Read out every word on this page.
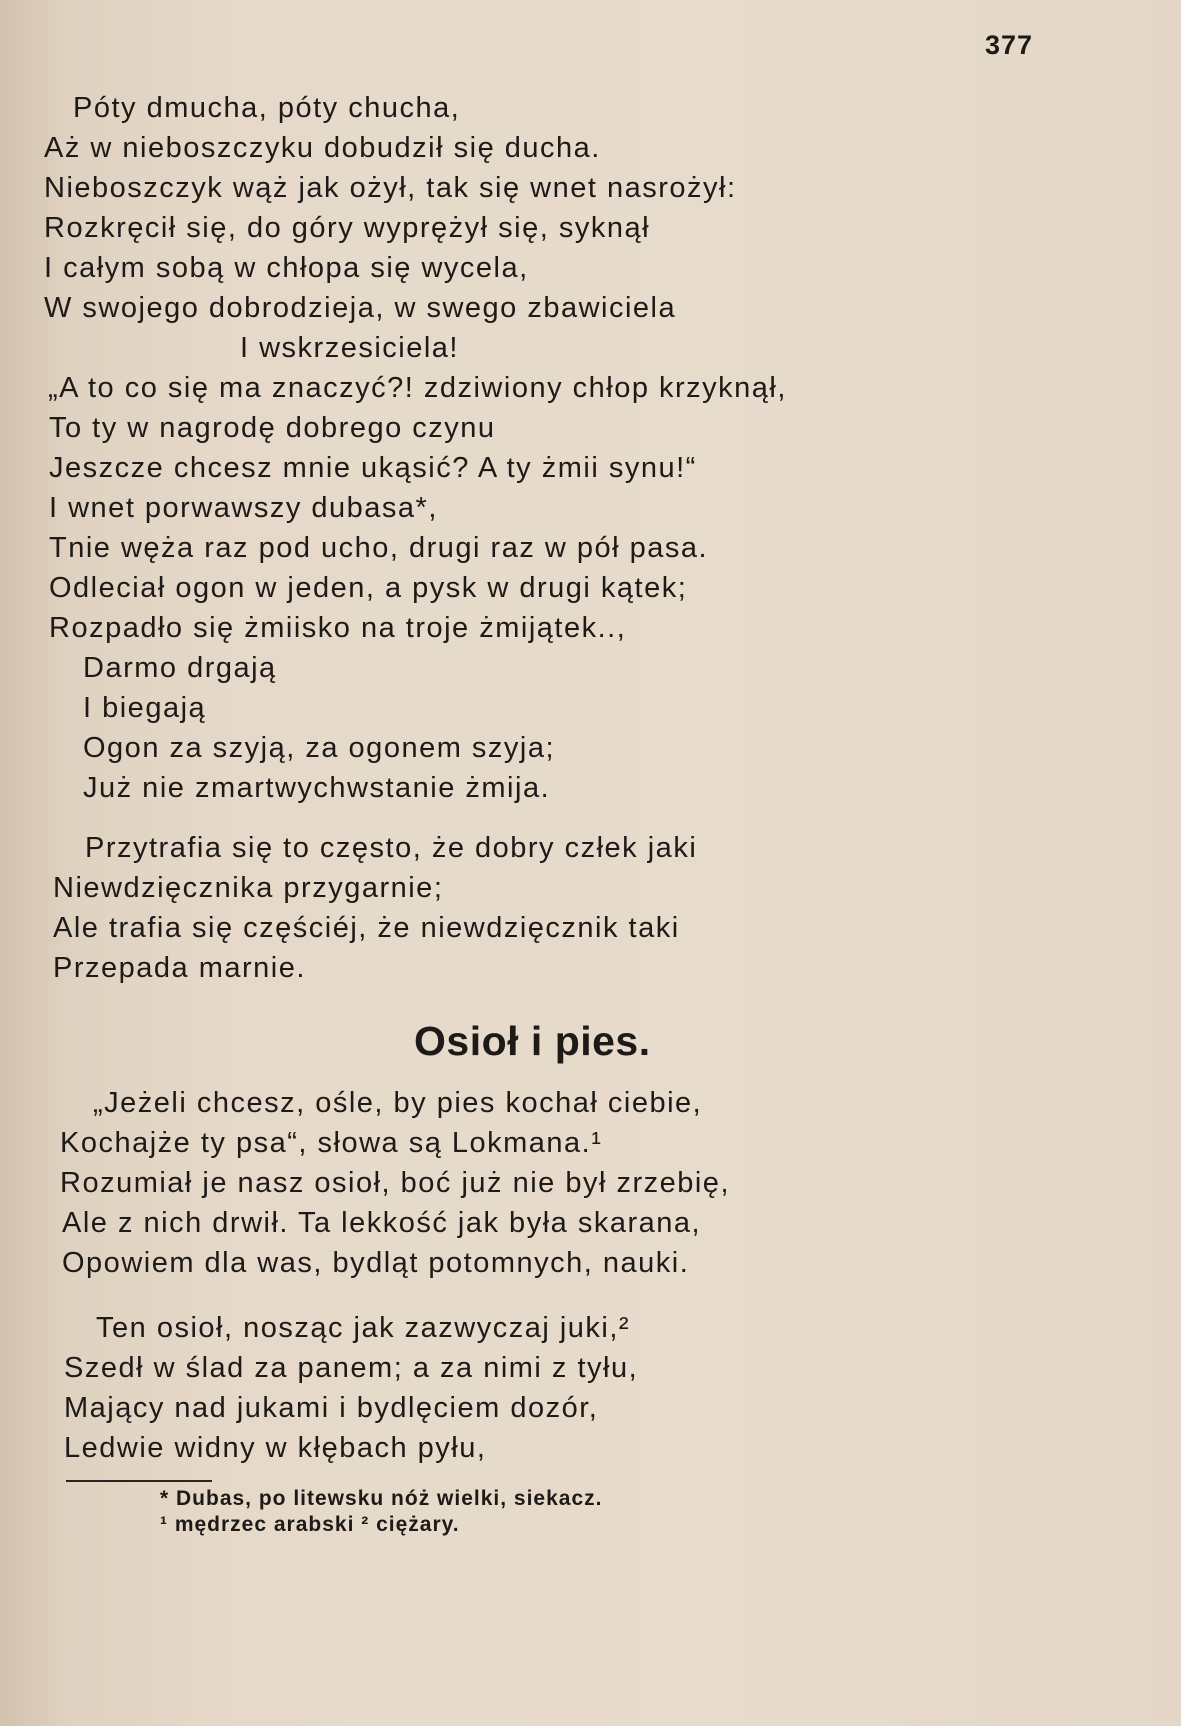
377
Póty dmucha, póty chucha,
Aż w nieboszczyku dobudził się ducha.
Nieboszczyk wąż jak ożył, tak się wnet nasrożył:
Rozkręcił się, do góry wyprężył się, syknął
I całym sobą w chłopa się wycela,
W swojego dobrodzieja, w swego zbawiciela
I wskrzesiciela!
„A to co się ma znaczyć?! zdziwiony chłop krzyknął,
To ty w nagrodę dobrego czynu
Jeszcze chcesz mnie ukąsić? A ty żmii synu!“
I wnet porwawszy dubasa*,
Tnie węża raz pod ucho, drugi raz w pół pasa.
Odleciał ogon w jeden, a pysk w drugi kątek;
Rozpadło się żmiisko na troje żmijątek..,
Darmo drgają
I biegają
Ogon za szyją, za ogonem szyja;
Już nie zmartwychwstanie żmija.
Przytrafia się to często, że dobry człek jaki
Niewdzięcznika przygarnie;
Ale trafia się częściéj, że niewdzięcznik taki
Przepada marnie.
Osioł i pies.
„Jeżeli chcesz, ośle, by pies kochał ciebie,
Kochajże ty psa“, słowa są Lokmana.¹
Rozumiał je nasz osioł, boć już nie był zrzebię,
Ale z nich drwił. Ta lekkość jak była skarana,
Opowiem dla was, bydląt potomnych, nauki.
Ten osioł, nosząc jak zazwyczaj juki,²
Szedł w ślad za panem; a za nimi z tyłu,
Mający nad jukami i bydlęciem dozór,
Ledwie widny w kłębach pyłu,
* Dubas, po litewsku nóż wielki, siekacz.
¹ mędrzec arabski ² ciężary.
